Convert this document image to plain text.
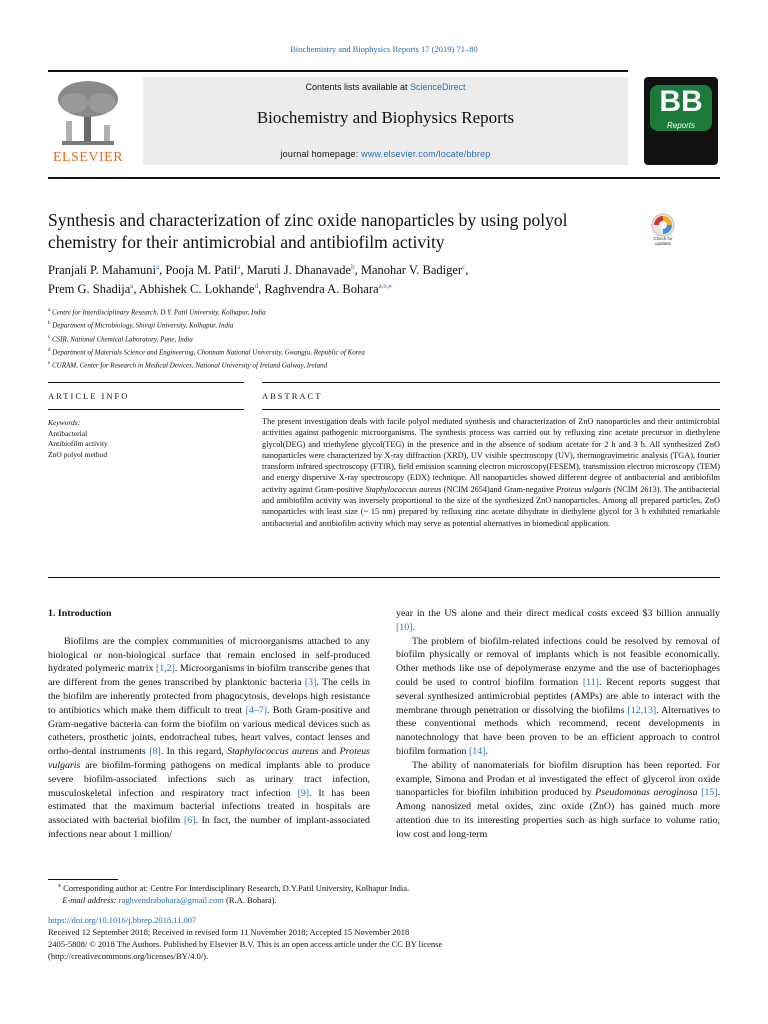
Biochemistry and Biophysics Reports 17 (2019) 71–80
ELSEVIER
Contents lists available at ScienceDirect
Biochemistry and Biophysics Reports
journal homepage: www.elsevier.com/locate/bbrep
BB
Reports
Synthesis and characterization of zinc oxide nanoparticles by using polyol chemistry for their antimicrobial and antibiofilm activity	Check for
updates
Pranjali P. Mahamuni$^a$, Pooja M. Patil$^a$, Maruti J. Dhanavade$^b$, Manohar V. Badiger$^c$,
Prem G. Shadija$^a$, Abhishek C. Lokhande$^d$, Raghvendra A. Bohara$^{a,e,⁎}$
$^a$ Centre for Interdisciplinary Research, D.Y. Patil University, Kolhapur, India
$^b$ Department of Microbiology, Shivaji University, Kolhapur, India
$^c$ CSIR, National Chemical Laboratory, Pune, India
$^d$ Department of Materials Science and Engineering, Chonnam National University, Gwangju, Republic of Korea
$^e$ CURAM, Center for Research in Medical Devices, National University of Ireland Galway, Ireland
ARTICLE INFO	ABSTRACT
Keywords:
Antibacterial
Antibiofilm activity
ZnO polyol method
The present investigation deals with facile polyol mediated synthesis and characterization of ZnO nanoparticles and their antimicrobial activities against pathogenic microorganisms. The synthesis process was carried out by refluxing zinc acetate precursor in diethylene glycol(DEG) and triethylene glycol(TEG) in the presence and in the absence of sodium acetate for 2 h and 3 h. All synthesized ZnO nanoparticles were characterized by X-ray diffraction (XRD), UV visible spectroscopy (UV), thermogravimetric analysis (TGA), fourier transform infrared spectroscopy (FTIR), field emission scanning electron microscopy(FESEM), transmission electron microscopy (TEM) and energy dispersive X-ray spectroscopy (EDX) technique. All nanoparticles showed different degree of antibacterial and antibiofilm activity against Gram-positive Staphylococcus aureus (NCIM 2654)and Gram-negative Proteus vulgaris (NCIM 2613). The antibacterial and antibiofilm activity was inversely proportional to the size of the synthesized ZnO nanoparticles. Among all prepared particles, ZnO nanoparticles with least size (~ 15 nm) prepared by refluxing zinc acetate dihydrate in diethylene glycol for 3 h exhibited remarkable antibacterial and antibiofilm activity which may serve as potential alternatives in biomedical application.
1. Introduction

Biofilms are the complex communities of microorganisms attached to any biological or non-biological surface that remain enclosed in self-produced hydrated polymeric matrix [1,2]. Microorganisms in biofilm transcribe genes that are different from the genes transcribed by planktonic bacteria [3]. The cells in the biofilm are inherently protected from phagocytosis, develops high resistance to antibiotics which make them difficult to treat [4–7]. Both Gram-positive and Gram-negative bacteria can form the biofilm on various medical devices such as catheters, prosthetic joints, endotracheal tubes, heart valves, contact lenses and ortho-dental instruments [8]. In this regard, Staphylococcus aureus and Proteus vulgaris are biofilm-forming pathogens on medical implants able to produce severe biofilm-associated infections such as urinary tract infection, musculoskeletal infection and respiratory tract infection [9]. It has been estimated that the maximum bacterial infections treated in hospitals are associated with bacterial biofilm [6]. In fact, the number of implant-associated infections near about 1 million/

year in the US alone and their direct medical costs exceed $3 billion annually [10].

The problem of biofilm-related infections could be resolved by removal of biofilm physically or removal of implants which is not feasible economically. Other methods like use of depolymerase enzyme and the use of bacteriophages could be used to control biofilm formation [11]. Recent reports suggest that several synthesized antimicrobial peptides (AMPs) are able to interact with the membrane through penetration or dissolving the biofilms [12,13]. Alternatives to these conventional methods which recommend, recent developments in nanotechnology that have been proven to be an efficient approach to control biofilm formation [14].

The ability of nanomaterials for biofilm disruption has been reported. For example, Simona and Prodan et al investigated the effect of glycerol iron oxide nanoparticles for biofilm inhibition produced by Pseudomonas aeroginosa [15]. Among nanosized metal oxides, zinc oxide (ZnO) has gained much more attention due to its interesting properties such as high surface to volume ratio, low cost and long-term

⁎ Corresponding author at: Centre For Interdisciplinary Research, D.Y.Patil University, Kolhapur India.
E-mail address: raghvendrabohara@gmail.com (R.A. Bohara).
https://doi.org/10.1016/j.bbrep.2018.11.007
Received 12 September 2018; Received in revised form 11 November 2018; Accepted 15 November 2018
2405-5808/ © 2018 The Authors. Published by Elsevier B.V. This is an open access article under the CC BY license
(http://creativecommons.org/licenses/BY/4.0/).
